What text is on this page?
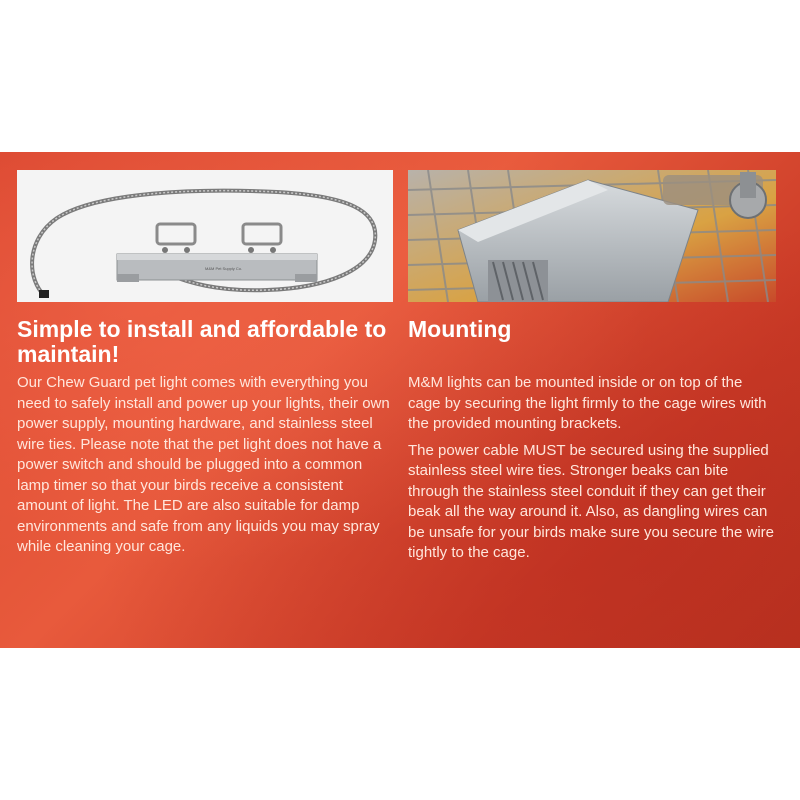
M&M Pet Supply Co.
Simple to install and affordable to maintain!

Our Chew Guard pet light comes with everything you need to safely install and power up your lights, their own power supply, mounting hardware, and stainless steel wire ties. Please note that the pet light does not have a power switch and should be plugged into a common lamp timer so that your birds receive a consistent amount of light. The LED are also suitable for damp environments and safe from any liquids you may spray while cleaning your cage.

Mounting

M&M lights can be mounted inside or on top of the cage by securing the light firmly to the cage wires with the provided mounting brackets.

The power cable MUST be secured using the supplied stainless steel wire ties. Stronger beaks can bite through the stainless steel conduit if they can get their beak all the way around it. Also, as dangling wires can be unsafe for your birds make sure you secure the wire tightly to the cage.
